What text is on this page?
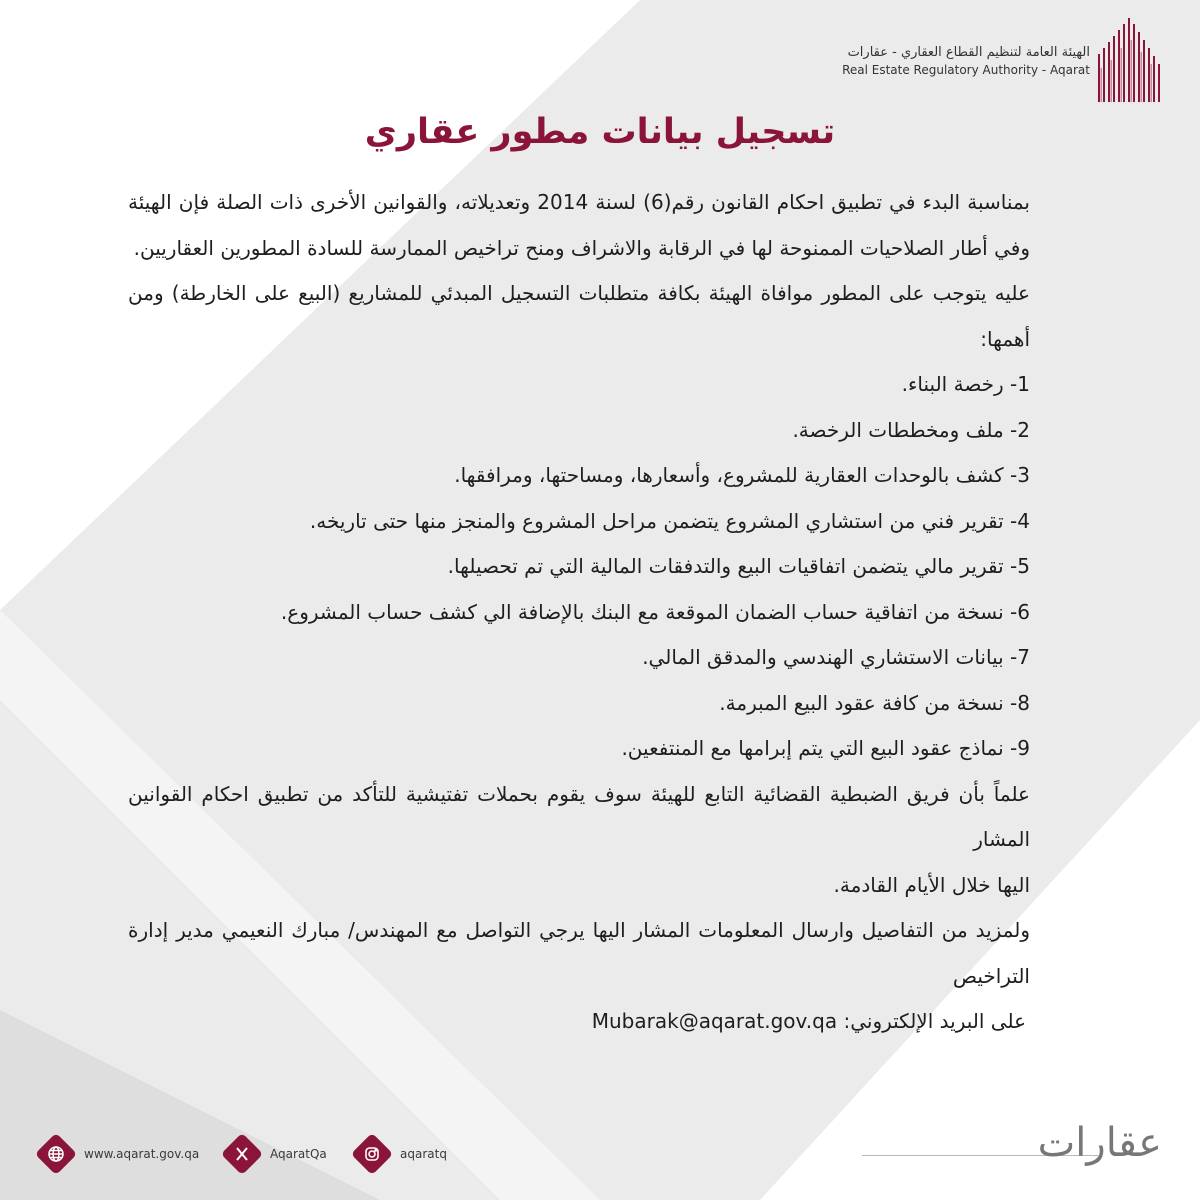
الهيئة العامة لتنظيم القطاع العقاري - عقارات
Real Estate Regulatory Authority - Aqarat
تسجيل بيانات مطور عقاري

بمناسبة البدء في تطبيق احكام القانون رقم(6) لسنة 2014 وتعديلاته، والقوانين الأخرى ذات الصلة فإن الهيئة وفي أطار الصلاحيات الممنوحة لها في الرقابة والاشراف ومنح تراخيص الممارسة للسادة المطورين العقاريين.

عليه يتوجب على المطور موافاة الهيئة بكافة متطلبات التسجيل المبدئي للمشاريع (البيع على الخارطة) ومن أهمها:

1- رخصة البناء.

2- ملف ومخططات الرخصة.

3- كشف بالوحدات العقارية للمشروع، وأسعارها، ومساحتها، ومرافقها.

4- تقرير فني من استشاري المشروع يتضمن مراحل المشروع والمنجز منها حتى تاريخه.

5- تقرير مالي يتضمن اتفاقيات البيع والتدفقات المالية التي تم تحصيلها.

6- نسخة من اتفاقية حساب الضمان الموقعة مع البنك بالإضافة الي كشف حساب المشروع.

7- بيانات الاستشاري الهندسي والمدقق المالي.

8- نسخة من كافة عقود البيع المبرمة.

9- نماذج عقود البيع التي يتم إبرامها مع المنتفعين.

علماً بأن فريق الضبطية القضائية التابع للهيئة سوف يقوم بحملات تفتيشية للتأكد من تطبيق احكام القوانين المشار

اليها خلال الأيام القادمة.

ولمزيد من التفاصيل وارسال المعلومات المشار اليها يرجي التواصل مع المهندس/ مبارك النعيمي مدير إدارة التراخيص

على البريد الإلكتروني: Mubarak@aqarat.gov.qa

www.aqarat.gov.qa	AqaratQa	aqaratq	عقارات
